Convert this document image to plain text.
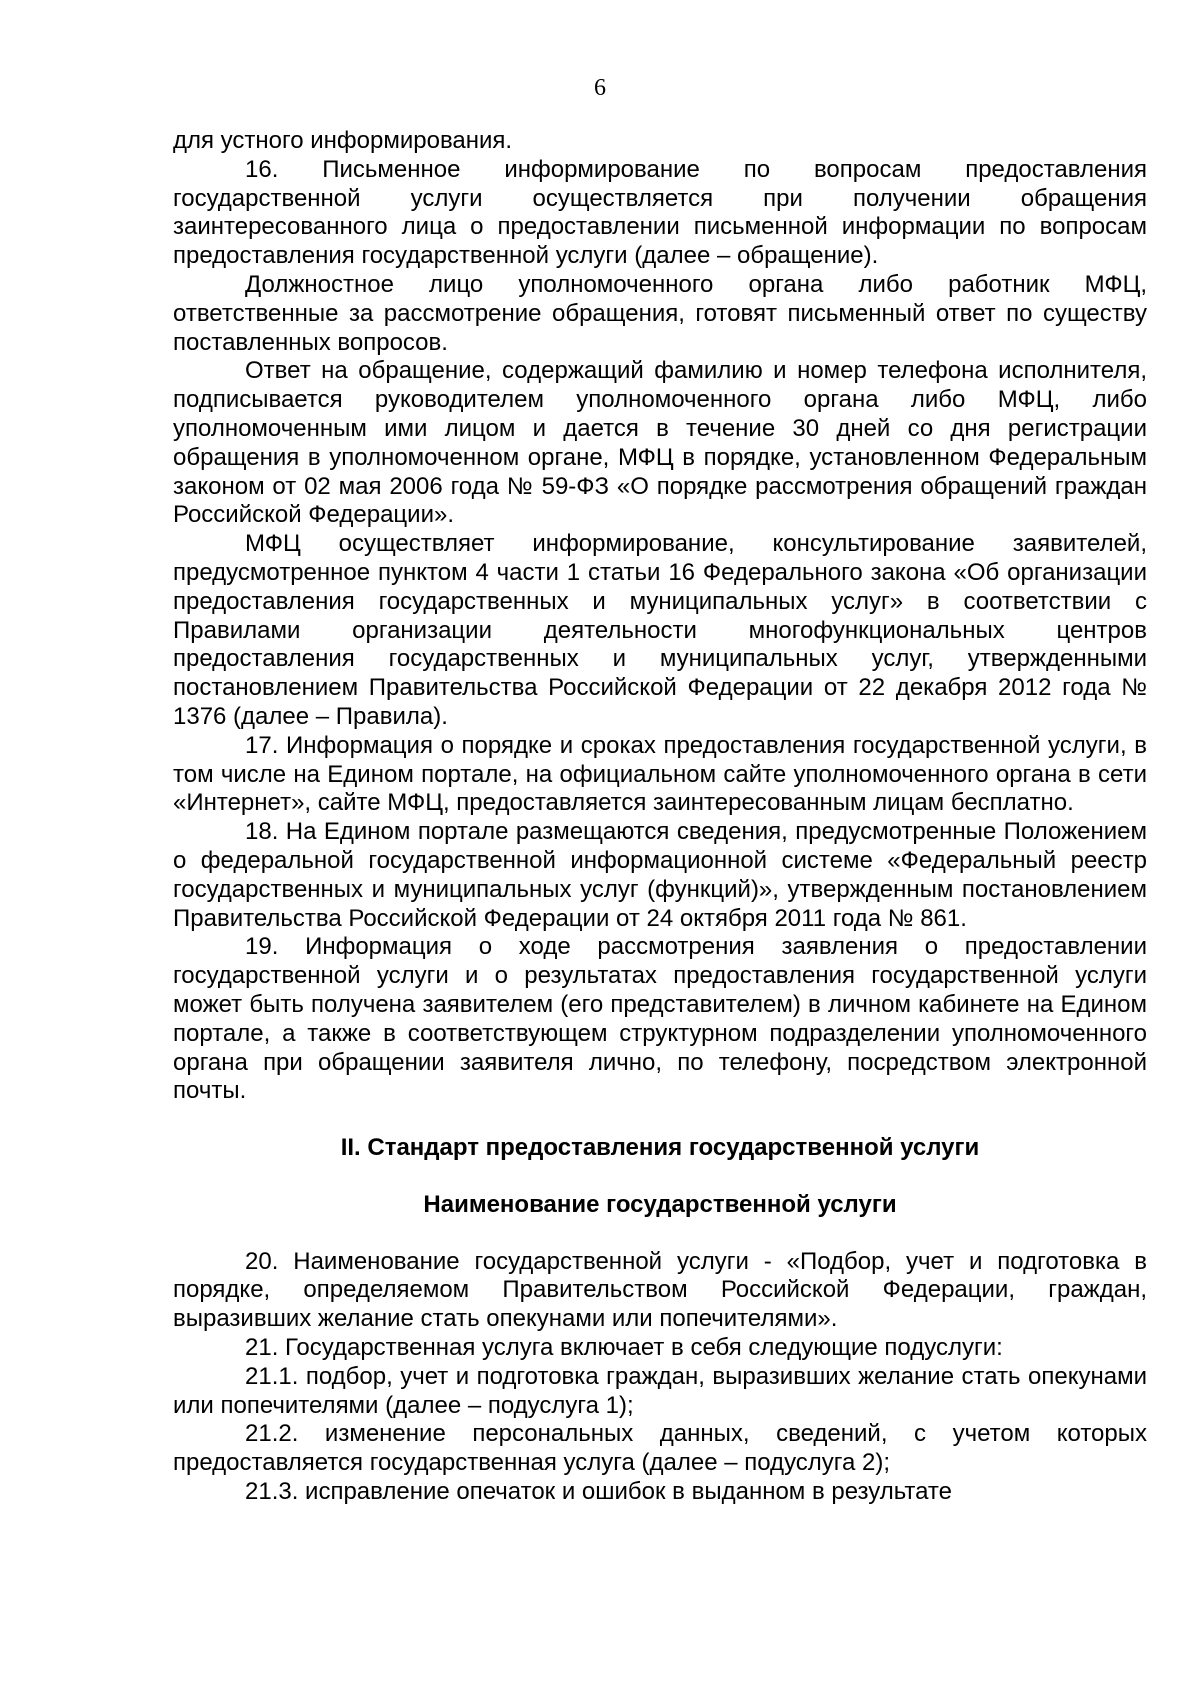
6

для устного информирования.

16. Письменное информирование по вопросам предоставления государственной услуги осуществляется при получении обращения заинтересованного лица о предоставлении письменной информации по вопросам предоставления государственной услуги (далее – обращение).

Должностное лицо уполномоченного органа либо работник МФЦ, ответственные за рассмотрение обращения, готовят письменный ответ по существу поставленных вопросов.

Ответ на обращение, содержащий фамилию и номер телефона исполнителя, подписывается руководителем уполномоченного органа либо МФЦ, либо уполномоченным ими лицом и дается в течение 30 дней со дня регистрации обращения в уполномоченном органе, МФЦ в порядке, установленном Федеральным законом от 02 мая 2006 года № 59-ФЗ «О порядке рассмотрения обращений граждан Российской Федерации».

МФЦ осуществляет информирование, консультирование заявителей, предусмотренное пунктом 4 части 1 статьи 16 Федерального закона «Об организации предоставления государственных и муниципальных услуг» в соответствии с Правилами организации деятельности многофункциональных центров предоставления государственных и муниципальных услуг, утвержденными постановлением Правительства Российской Федерации от 22 декабря 2012 года № 1376 (далее – Правила).

17. Информация о порядке и сроках предоставления государственной услуги, в том числе на Едином портале, на официальном сайте уполномоченного органа в сети «Интернет», сайте МФЦ, предоставляется заинтересованным лицам бесплатно.

18. На Едином портале размещаются сведения, предусмотренные Положением о федеральной государственной информационной системе «Федеральный реестр государственных и муниципальных услуг (функций)», утвержденным постановлением Правительства Российской Федерации от 24 октября 2011 года № 861.

19. Информация о ходе рассмотрения заявления о предоставлении государственной услуги и о результатах предоставления государственной услуги может быть получена заявителем (его представителем) в личном кабинете на Едином портале, а также в соответствующем структурном подразделении уполномоченного органа при обращении заявителя лично, по телефону, посредством электронной почты.

II. Стандарт предоставления государственной услуги
Наименование государственной услуги

20. Наименование государственной услуги - «Подбор, учет и подготовка в порядке, определяемом Правительством Российской Федерации, граждан, выразивших желание стать опекунами или попечителями».

21. Государственная услуга включает в себя следующие подуслуги:

21.1. подбор, учет и подготовка граждан, выразивших желание стать опекунами или попечителями (далее – подуслуга 1);

21.2. изменение персональных данных, сведений, с учетом которых предоставляется государственная услуга (далее – подуслуга 2);

21.3. исправление опечаток и ошибок в выданном в результате
